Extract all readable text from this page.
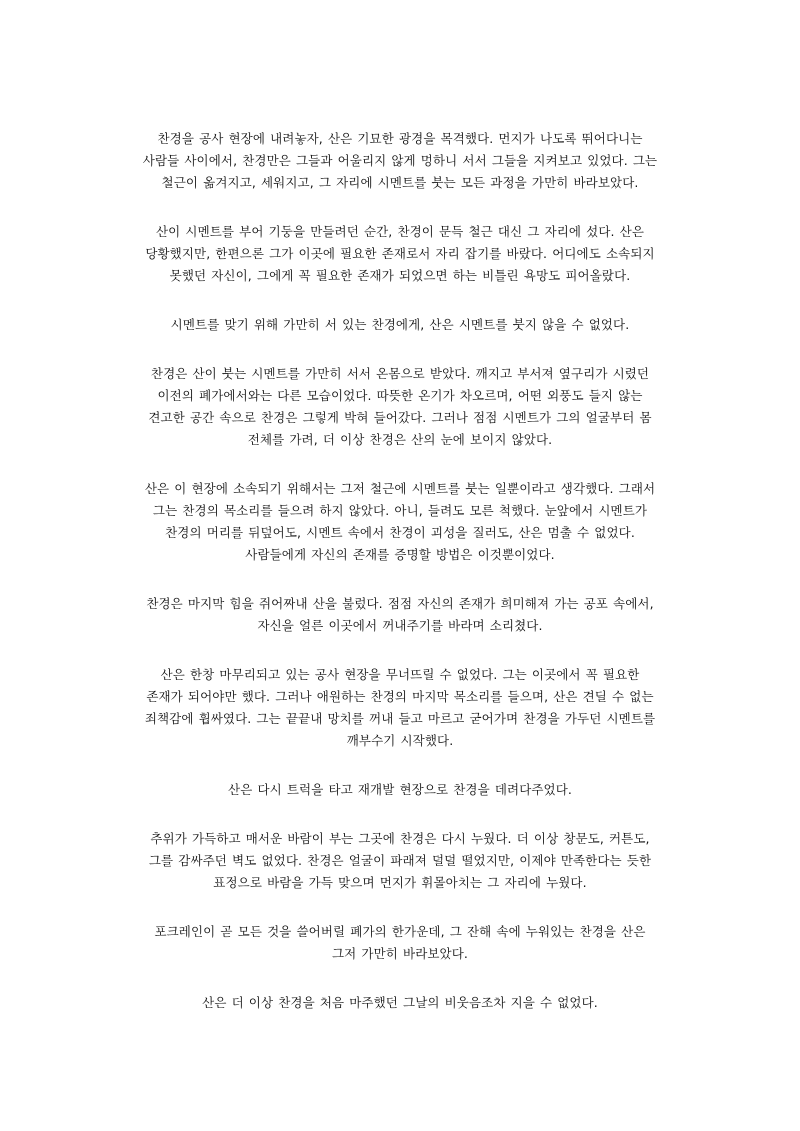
찬경을 공사 현장에 내려놓자, 산은 기묘한 광경을 목격했다. 먼지가 나도록 뛰어다니는
사람들 사이에서, 찬경만은 그들과 어울리지 않게 멍하니 서서 그들을 지켜보고 있었다. 그는
철근이 옮겨지고, 세워지고, 그 자리에 시멘트를 붓는 모든 과정을 가만히 바라보았다.

산이 시멘트를 부어 기둥을 만들려던 순간, 찬경이 문득 철근 대신 그 자리에 섰다. 산은
당황했지만, 한편으론 그가 이곳에 필요한 존재로서 자리 잡기를 바랐다. 어디에도 소속되지
못했던 자신이, 그에게 꼭 필요한 존재가 되었으면 하는 비틀린 욕망도 피어올랐다.

시멘트를 맞기 위해 가만히 서 있는 찬경에게, 산은 시멘트를 붓지 않을 수 없었다.

찬경은 산이 붓는 시멘트를 가만히 서서 온몸으로 받았다. 깨지고 부서져 옆구리가 시렸던
이전의 폐가에서와는 다른 모습이었다. 따뜻한 온기가 차오르며, 어떤 외풍도 들지 않는
견고한 공간 속으로 찬경은 그렇게 박혀 들어갔다. 그러나 점점 시멘트가 그의 얼굴부터 몸
전체를 가려, 더 이상 찬경은 산의 눈에 보이지 않았다.

산은 이 현장에 소속되기 위해서는 그저 철근에 시멘트를 붓는 일뿐이라고 생각했다. 그래서
그는 찬경의 목소리를 들으려 하지 않았다. 아니, 들려도 모른 척했다. 눈앞에서 시멘트가
찬경의 머리를 뒤덮어도, 시멘트 속에서 찬경이 괴성을 질러도, 산은 멈출 수 없었다.
사람들에게 자신의 존재를 증명할 방법은 이것뿐이었다.

찬경은 마지막 힘을 쥐어짜내 산을 불렀다. 점점 자신의 존재가 희미해져 가는 공포 속에서,
자신을 얼른 이곳에서 꺼내주기를 바라며 소리쳤다.

산은 한창 마무리되고 있는 공사 현장을 무너뜨릴 수 없었다. 그는 이곳에서 꼭 필요한
존재가 되어야만 했다. 그러나 애원하는 찬경의 마지막 목소리를 들으며, 산은 견딜 수 없는
죄책감에 휩싸였다. 그는 끝끝내 망치를 꺼내 들고 마르고 굳어가며 찬경을 가두던 시멘트를
깨부수기 시작했다.

산은 다시 트럭을 타고 재개발 현장으로 찬경을 데려다주었다.

추위가 가득하고 매서운 바람이 부는 그곳에 찬경은 다시 누웠다. 더 이상 창문도, 커튼도,
그를 감싸주던 벽도 없었다. 찬경은 얼굴이 파래져 덜덜 떨었지만, 이제야 만족한다는 듯한
표정으로 바람을 가득 맞으며 먼지가 휘몰아치는 그 자리에 누웠다.

포크레인이 곧 모든 것을 쓸어버릴 폐가의 한가운데, 그 잔해 속에 누워있는 찬경을 산은
그저 가만히 바라보았다.

산은 더 이상 찬경을 처음 마주했던 그날의 비웃음조차 지을 수 없었다.
